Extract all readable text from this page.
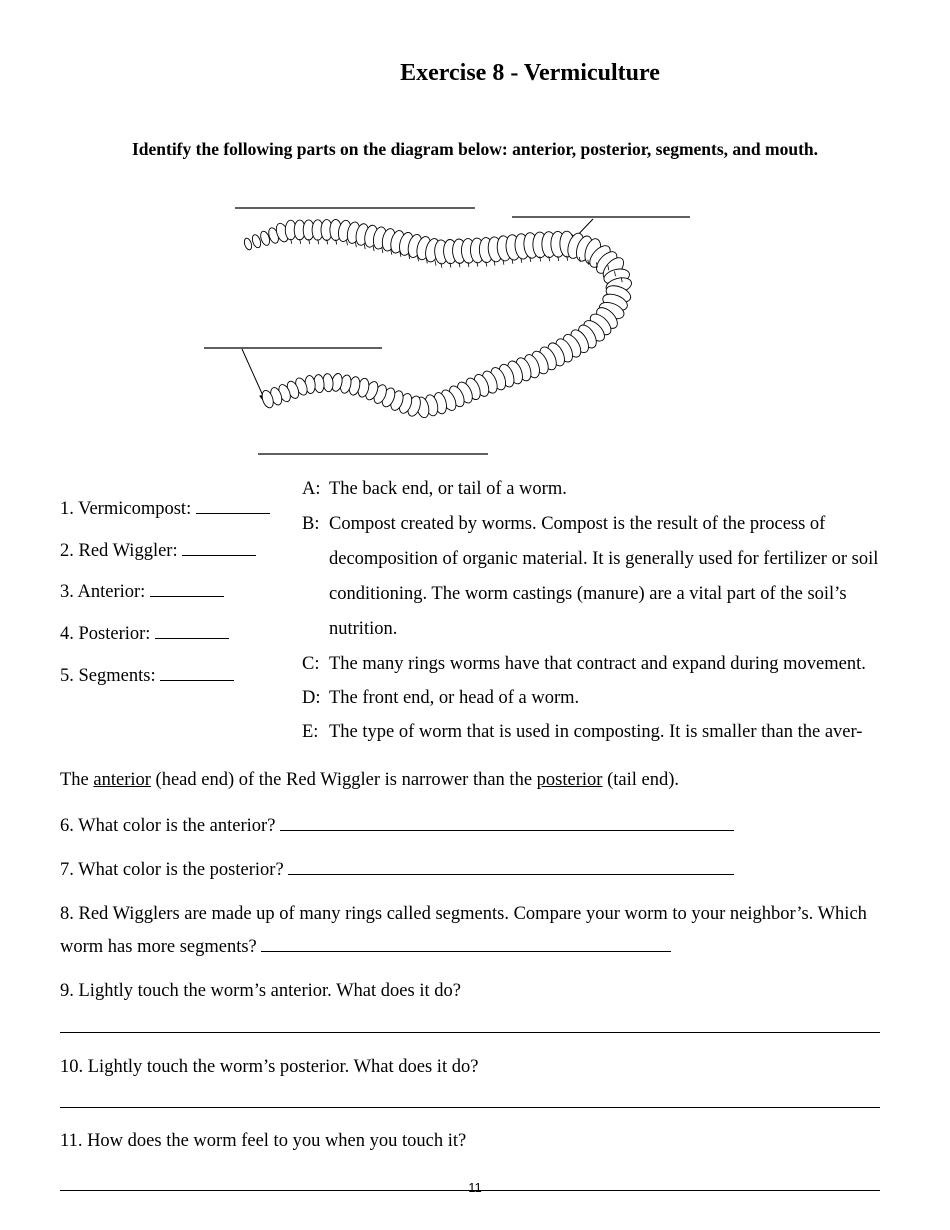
Exercise 8 - Vermiculture
Identify the following parts on the diagram below: anterior, posterior, segments, and mouth.
1. Vermicompost:
2. Red Wiggler:
3. Anterior:
4. Posterior:
5. Segments:
A: The back end, or tail of a worm.
B: Compost created by worms. Compost is the result of the process of
decomposition of organic material. It is generally used for fertilizer or soil
conditioning. The worm castings (manure) are a vital part of the soil’s
nutrition.
C: The many rings worms have that contract and expand during movement.
D: The front end, or head of a worm.
E: The type of worm that is used in composting. It is smaller than the aver-
The anterior (head end) of the Red Wiggler is narrower than the posterior (tail end).
6. What color is the anterior?
7. What color is the posterior?
8. Red Wigglers are made up of many rings called segments. Compare your worm to your neighbor’s. Which
worm has more segments?
9. Lightly touch the worm’s anterior. What does it do?
10. Lightly touch the worm’s posterior. What does it do?
11. How does the worm feel to you when you touch it?
11
